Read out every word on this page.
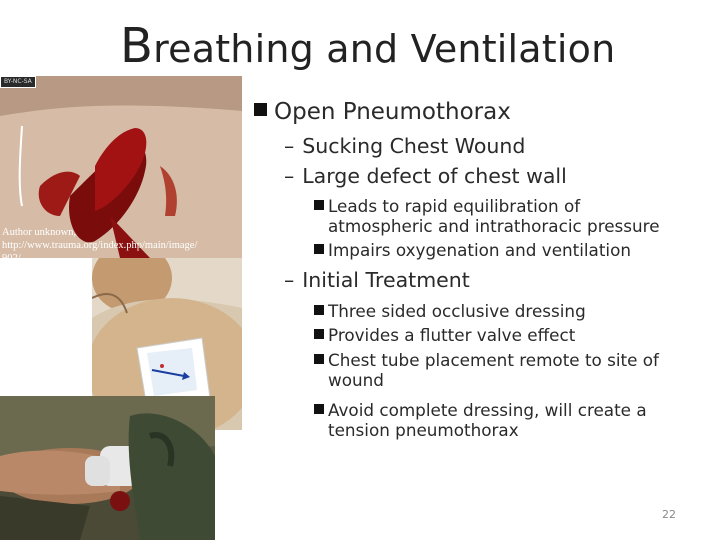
Breathing and Ventilation
BY-NC-SA
Author unknown,
http://www.trauma.org/index.php/main/image/
902/
Open Pneumothorax
– Sucking Chest Wound
– Large defect of chest wall
Leads to rapid equilibration of
atmospheric and intrathoracic pressure
Impairs oxygenation and ventilation
– Initial Treatment
Three sided occlusive dressing
Provides a flutter valve effect
Chest tube placement remote to site of
wound
Avoid complete dressing, will create a
tension pneumothorax
22
